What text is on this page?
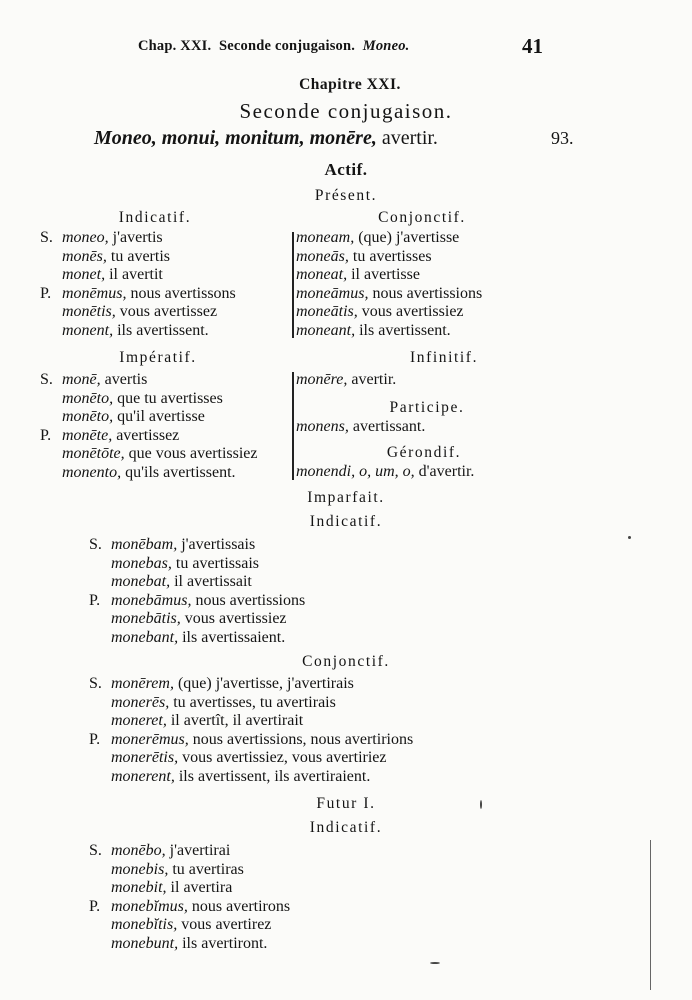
Chap. XXI. Seconde conjugaison. Moneo.	41
Chapitre XXI.
Seconde conjugaison.
Moneo, monui, monitum, monēre, avertir.	93.
Actif.
Présent.
Indicatif.
S. moneo, j'avertis
monēs, tu avertis
monet, il avertit
P. monēmus, nous avertissons
monētis, vous avertissez
monent, ils avertissent.
Conjonctif.
moneam, (que) j'avertisse
moneās, tu avertisses
moneat, il avertisse
moneāmus, nous avertissions
moneātis, vous avertissiez
moneant, ils avertissent.
Impératif.
S. monē, avertis
monēto, que tu avertisses
monēto, qu'il avertisse
P. monēte, avertissez
monētōte, que vous avertissiez
monento, qu'ils avertissent.
Infinitif.
monēre, avertir.
Participe.
monens, avertissant.
Gérondif.
monendi, o, um, o, d'avertir.
Imparfait.
Indicatif.
S. monēbam, j'avertissais
monebas, tu avertissais
monebat, il avertissait
P. monebāmus, nous avertissions
monebātis, vous avertissiez
monebant, ils avertissaient.
Conjonctif.
S. monērem, (que) j'avertisse, j'avertirais
monerēs, tu avertisses, tu avertirais
moneret, il avertît, il avertirait
P. monerēmus, nous avertissions, nous avertirions
monerētis, vous avertissiez, vous avertiriez
monerent, ils avertissent, ils avertiraient.
Futur I.
Indicatif.
S. monēbo, j'avertirai
monebis, tu avertiras
monebit, il avertira
P. monebĭmus, nous avertirons
monebĭtis, vous avertirez
monebunt, ils avertiront.
